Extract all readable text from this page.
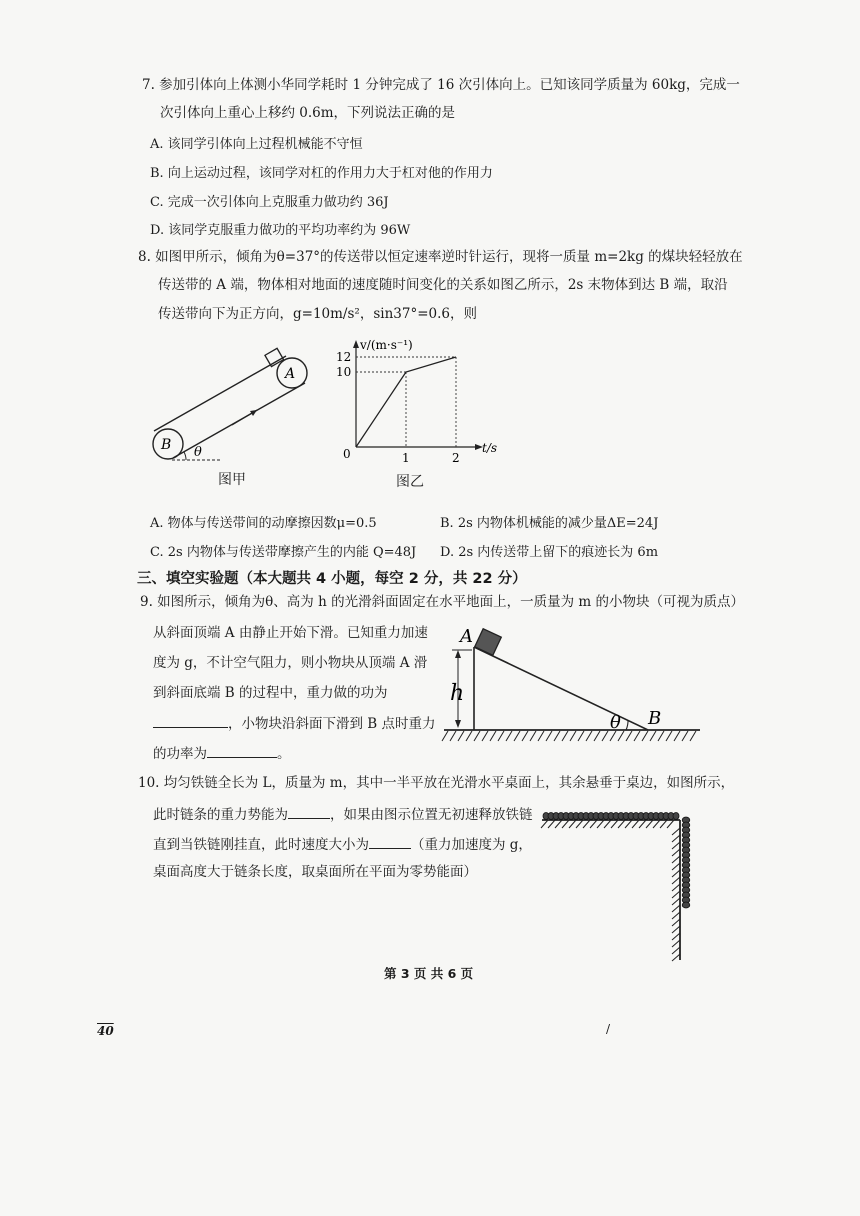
7. 参加引体向上体测小华同学耗时 1 分钟完成了 16 次引体向上。已知该同学质量为 60kg，完成一
次引体向上重心上移约 0.6m，下列说法正确的是
A. 该同学引体向上过程机械能不守恒
B. 向上运动过程，该同学对杠的作用力大于杠对他的作用力
C. 完成一次引体向上克服重力做功约 36J
D. 该同学克服重力做功的平均功率约为 96W
8. 如图甲所示，倾角为θ=37°的传送带以恒定速率逆时针运行，现将一质量 m=2kg 的煤块轻轻放在
传送带的 A 端，物体相对地面的速度随时间变化的关系如图乙所示，2s 末物体到达 B 端，取沿
传送带向下为正方向，g=10m/s²，sin37°=0.6，则
B
A
θ
图甲
v/(m·s⁻¹)
t/s
0
10
12
1	2
图乙
A. 物体与传送带间的动摩擦因数μ=0.5	B. 2s 内物体机械能的减少量ΔE=24J
C. 2s 内物体与传送带摩擦产生的内能 Q=48J D. 2s 内传送带上留下的痕迹长为 6m
三、填空实验题（本大题共 4 小题，每空 2 分，共 22 分）
9. 如图所示，倾角为θ、高为 h 的光滑斜面固定在水平地面上，一质量为 m 的小物块（可视为质点）
从斜面顶端 A 由静止开始下滑。已知重力加速
度为 g，不计空气阻力，则小物块从顶端 A 滑
到斜面底端 B 的过程中，重力做的功为
，小物块沿斜面下滑到 B 点时重力
的功率为	。
A
h
θ B
10. 均匀铁链全长为 L，质量为 m，其中一半平放在光滑水平桌面上，其余悬垂于桌边，如图所示，
此时链条的重力势能为	，如果由图示位置无初速释放铁链
直到当铁链刚挂直，此时速度大小为	（重力加速度为 g，
桌面高度大于链条长度，取桌面所在平面为零势能面）
第 3 页 共 6 页
40	/
